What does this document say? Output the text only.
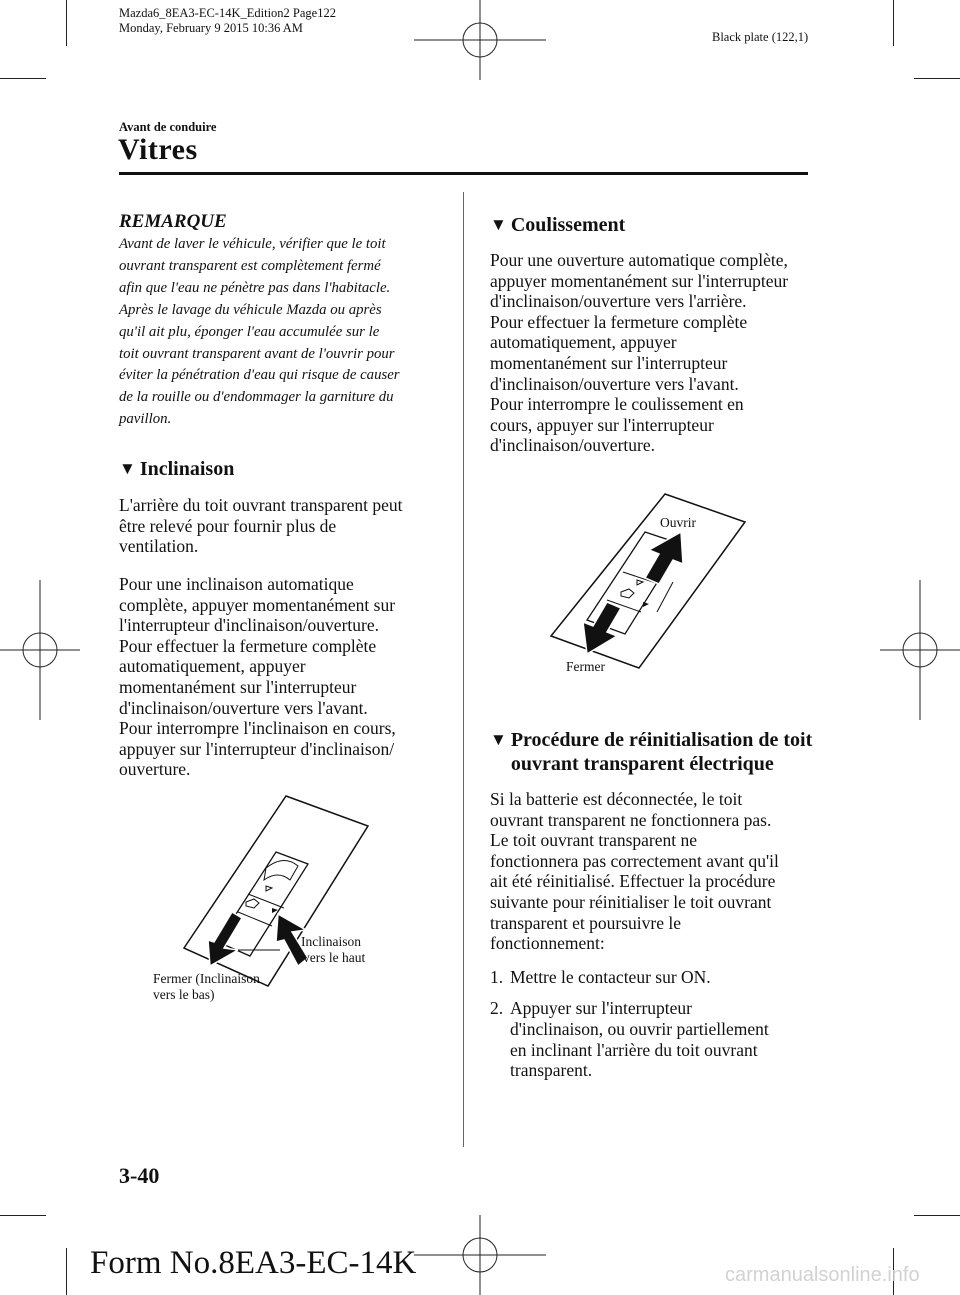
Mazda6_8EA3-EC-14K_Edition2 Page122
Monday, February 9 2015 10:36 AM
Black plate (122,1)
Avant de conduire
Vitres
REMARQUE
Avant de laver le véhicule, vérifier que le toit
ouvrant transparent est complètement fermé
afin que l'eau ne pénètre pas dans l'habitacle.
Après le lavage du véhicule Mazda ou après
qu'il ait plu, éponger l'eau accumulée sur le
toit ouvrant transparent avant de l'ouvrir pour
éviter la pénétration d'eau qui risque de causer
de la rouille ou d'endommager la garniture du
pavillon.
▼ Inclinaison
L'arrière du toit ouvrant transparent peut
être relevé pour fournir plus de
ventilation.
Pour une inclinaison automatique
complète, appuyer momentanément sur
l'interrupteur d'inclinaison/ouverture.
Pour effectuer la fermeture complète
automatiquement, appuyer
momentanément sur l'interrupteur
d'inclinaison/ouverture vers l'avant.
Pour interrompre l'inclinaison en cours,
appuyer sur l'interrupteur d'inclinaison/
ouverture.
Inclinaison
vers le haut
Fermer (Inclinaison
vers le bas)
▼ Coulissement
Pour une ouverture automatique complète,
appuyer momentanément sur l'interrupteur
d'inclinaison/ouverture vers l'arrière.
Pour effectuer la fermeture complète
automatiquement, appuyer
momentanément sur l'interrupteur
d'inclinaison/ouverture vers l'avant.
Pour interrompre le coulissement en
cours, appuyer sur l'interrupteur
d'inclinaison/ouverture.
Ouvrir
Fermer
▼ Procédure de réinitialisation de toit
ouvrant transparent électrique
Si la batterie est déconnectée, le toit
ouvrant transparent ne fonctionnera pas.
Le toit ouvrant transparent ne
fonctionnera pas correctement avant qu'il
ait été réinitialisé. Effectuer la procédure
suivante pour réinitialiser le toit ouvrant
transparent et poursuivre le
fonctionnement:
1. Mettre le contacteur sur ON.
2. Appuyer sur l'interrupteur
d'inclinaison, ou ouvrir partiellement
en inclinant l'arrière du toit ouvrant
transparent.
3-40
Form No.8EA3-EC-14K	carmanualsonline.info
